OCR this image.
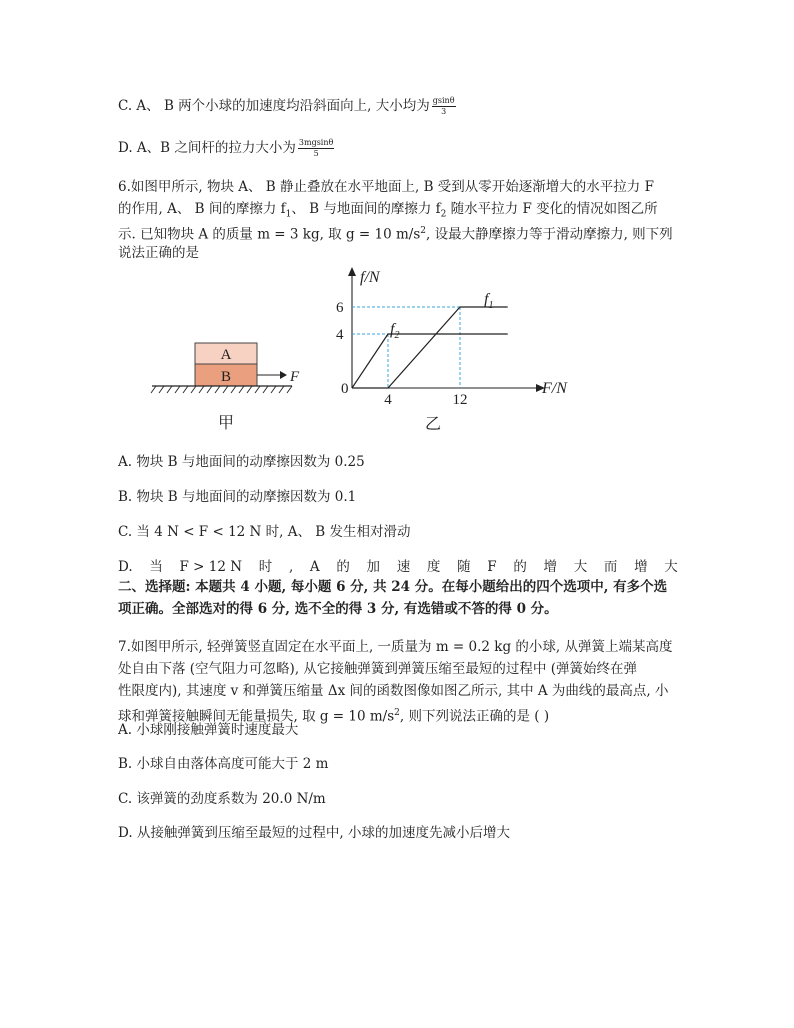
C. A、 B 两个小球的加速度均沿斜面向上, 大小均为 $\frac{gsin\theta}{3}$
D. A、B 之间杆的拉力大小为 $\frac{3mgsin\theta}{5}$
6.如图甲所示, 物块 A、 B 静止叠放在水平地面上, B 受到从零开始逐渐增大的水平拉力 F
的作用, A、 B 间的摩擦力 $f_1$、 B 与地面间的摩擦力 $f_2$ 随水平拉力 F 变化的情况如图乙所
示. 已知物块 A 的质量 m = 3 kg, 取 g = 10 $m/s^2$, 设最大静摩擦力等于滑动摩擦力, 则下列
说法正确的是
A
B	F
甲
f/N
F/N
0
4
6
4	12
$f_1$
$f_2$
乙
A. 物块 B 与地面间的动摩擦因数为 0.25
B. 物块 B 与地面间的动摩擦因数为 0.1
C. 当 4 N < F < 12 N 时, A、 B 发生相对滑动
D. 当 F > 12 N 时 , A 的 加 速 度 随 F 的 增 大 而 增 大
二、选择题: 本题共 4 小题, 每小题 6 分, 共 24 分。在每小题给出的四个选项中, 有多个选
项正确。全部选对的得 6 分, 选不全的得 3 分, 有选错或不答的得 0 分。
7.如图甲所示, 轻弹簧竖直固定在水平面上, 一质量为 m = 0.2 kg 的小球, 从弹簧上端某高度
处自由下落 (空气阻力可忽略), 从它接触弹簧到弹簧压缩至最短的过程中 (弹簧始终在弹
性限度内), 其速度 v 和弹簧压缩量 Δx 间的函数图像如图乙所示, 其中 A 为曲线的最高点, 小
球和弹簧接触瞬间无能量损失, 取 g = 10 $m/s^2$, 则下列说法正确的是 ( )
A. 小球刚接触弹簧时速度最大
B. 小球自由落体高度可能大于 2 m
C. 该弹簧的劲度系数为 20.0 N/m
D. 从接触弹簧到压缩至最短的过程中, 小球的加速度先减小后增大
